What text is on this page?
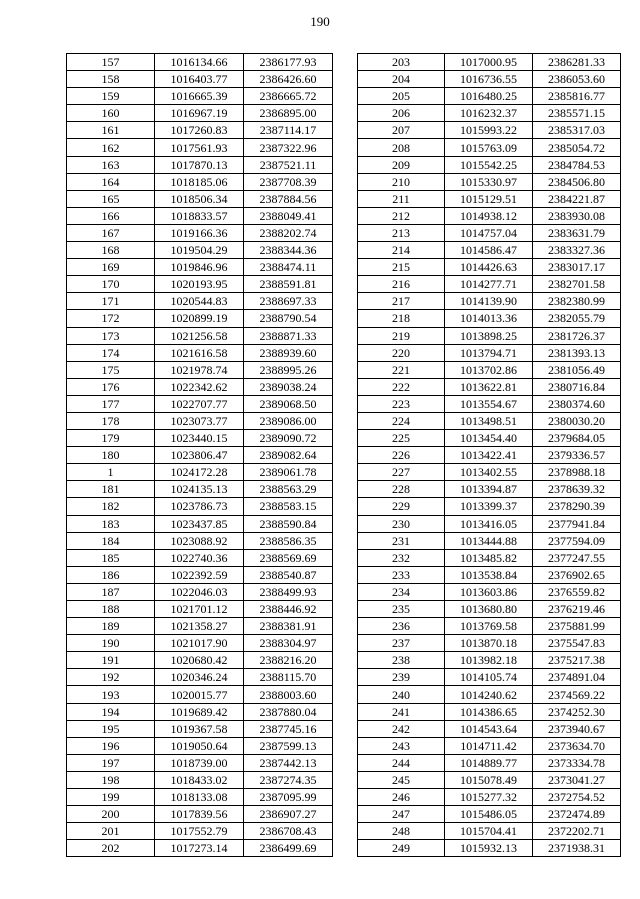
190
157	1016134.66	2386177.93
158	1016403.77	2386426.60
159	1016665.39	2386665.72
160	1016967.19	2386895.00
161	1017260.83	2387114.17
162	1017561.93	2387322.96
163	1017870.13	2387521.11
164	1018185.06	2387708.39
165	1018506.34	2387884.56
166	1018833.57	2388049.41
167	1019166.36	2388202.74
168	1019504.29	2388344.36
169	1019846.96	2388474.11
170	1020193.95	2388591.81
171	1020544.83	2388697.33
172	1020899.19	2388790.54
173	1021256.58	2388871.33
174	1021616.58	2388939.60
175	1021978.74	2388995.26
176	1022342.62	2389038.24
177	1022707.77	2389068.50
178	1023073.77	2389086.00
179	1023440.15	2389090.72
180	1023806.47	2389082.64
1	1024172.28	2389061.78
181	1024135.13	2388563.29
182	1023786.73	2388583.15
183	1023437.85	2388590.84
184	1023088.92	2388586.35
185	1022740.36	2388569.69
186	1022392.59	2388540.87
187	1022046.03	2388499.93
188	1021701.12	2388446.92
189	1021358.27	2388381.91
190	1021017.90	2388304.97
191	1020680.42	2388216.20
192	1020346.24	2388115.70
193	1020015.77	2388003.60
194	1019689.42	2387880.04
195	1019367.58	2387745.16
196	1019050.64	2387599.13
197	1018739.00	2387442.13
198	1018433.02	2387274.35
199	1018133.08	2387095.99
200	1017839.56	2386907.27
201	1017552.79	2386708.43
202	1017273.14	2386499.69
203	1017000.95	2386281.33
204	1016736.55	2386053.60
205	1016480.25	2385816.77
206	1016232.37	2385571.15
207	1015993.22	2385317.03
208	1015763.09	2385054.72
209	1015542.25	2384784.53
210	1015330.97	2384506.80
211	1015129.51	2384221.87
212	1014938.12	2383930.08
213	1014757.04	2383631.79
214	1014586.47	2383327.36
215	1014426.63	2383017.17
216	1014277.71	2382701.58
217	1014139.90	2382380.99
218	1014013.36	2382055.79
219	1013898.25	2381726.37
220	1013794.71	2381393.13
221	1013702.86	2381056.49
222	1013622.81	2380716.84
223	1013554.67	2380374.60
224	1013498.51	2380030.20
225	1013454.40	2379684.05
226	1013422.41	2379336.57
227	1013402.55	2378988.18
228	1013394.87	2378639.32
229	1013399.37	2378290.39
230	1013416.05	2377941.84
231	1013444.88	2377594.09
232	1013485.82	2377247.55
233	1013538.84	2376902.65
234	1013603.86	2376559.82
235	1013680.80	2376219.46
236	1013769.58	2375881.99
237	1013870.18	2375547.83
238	1013982.18	2375217.38
239	1014105.74	2374891.04
240	1014240.62	2374569.22
241	1014386.65	2374252.30
242	1014543.64	2373940.67
243	1014711.42	2373634.70
244	1014889.77	2373334.78
245	1015078.49	2373041.27
246	1015277.32	2372754.52
247	1015486.05	2372474.89
248	1015704.41	2372202.71
249	1015932.13	2371938.31
